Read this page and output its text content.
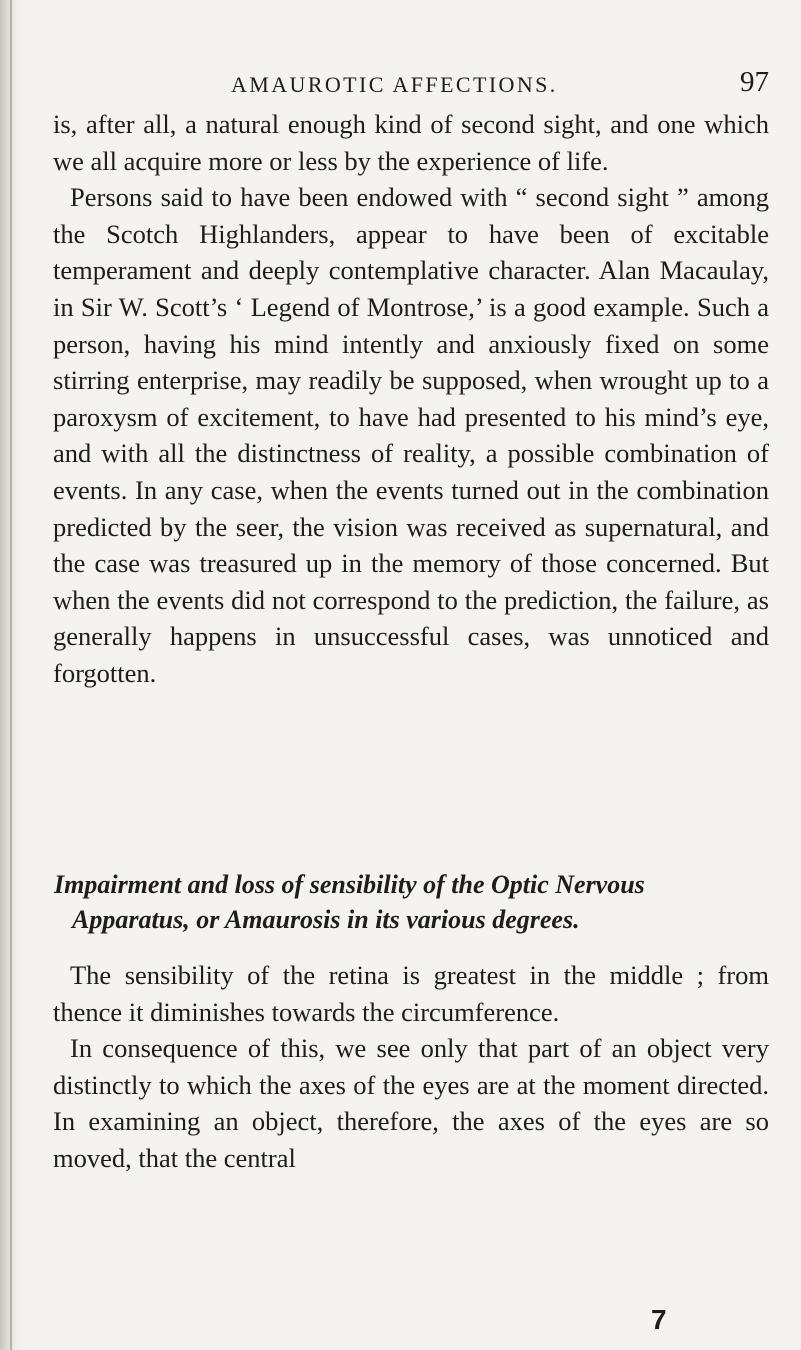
AMAUROTIC AFFECTIONS.	97

is, after all, a natural enough kind of second sight, and one which we all acquire more or less by the experience of life.

Persons said to have been endowed with “ second sight ” among the Scotch Highlanders, appear to have been of excitable temperament and deeply contemplative character. Alan Macaulay, in Sir W. Scott’s ‘ Legend of Montrose,’ is a good example. Such a person, having his mind intently and anxiously fixed on some stirring enterprise, may readily be supposed, when wrought up to a paroxysm of excitement, to have had presented to his mind’s eye, and with all the distinctness of reality, a possible combination of events. In any case, when the events turned out in the combination predicted by the seer, the vision was received as supernatural, and the case was treasured up in the memory of those concerned. But when the events did not correspond to the prediction, the failure, as generally happens in unsuccessful cases, was unnoticed and forgotten.

Impairment and loss of sensibility of the Optic Nervous
Apparatus, or Amaurosis in its various degrees.

The sensibility of the retina is greatest in the middle ; from thence it diminishes towards the circumference.

In consequence of this, we see only that part of an object very distinctly to which the axes of the eyes are at the moment directed. In examining an object, therefore, the axes of the eyes are so moved, that the central

7
